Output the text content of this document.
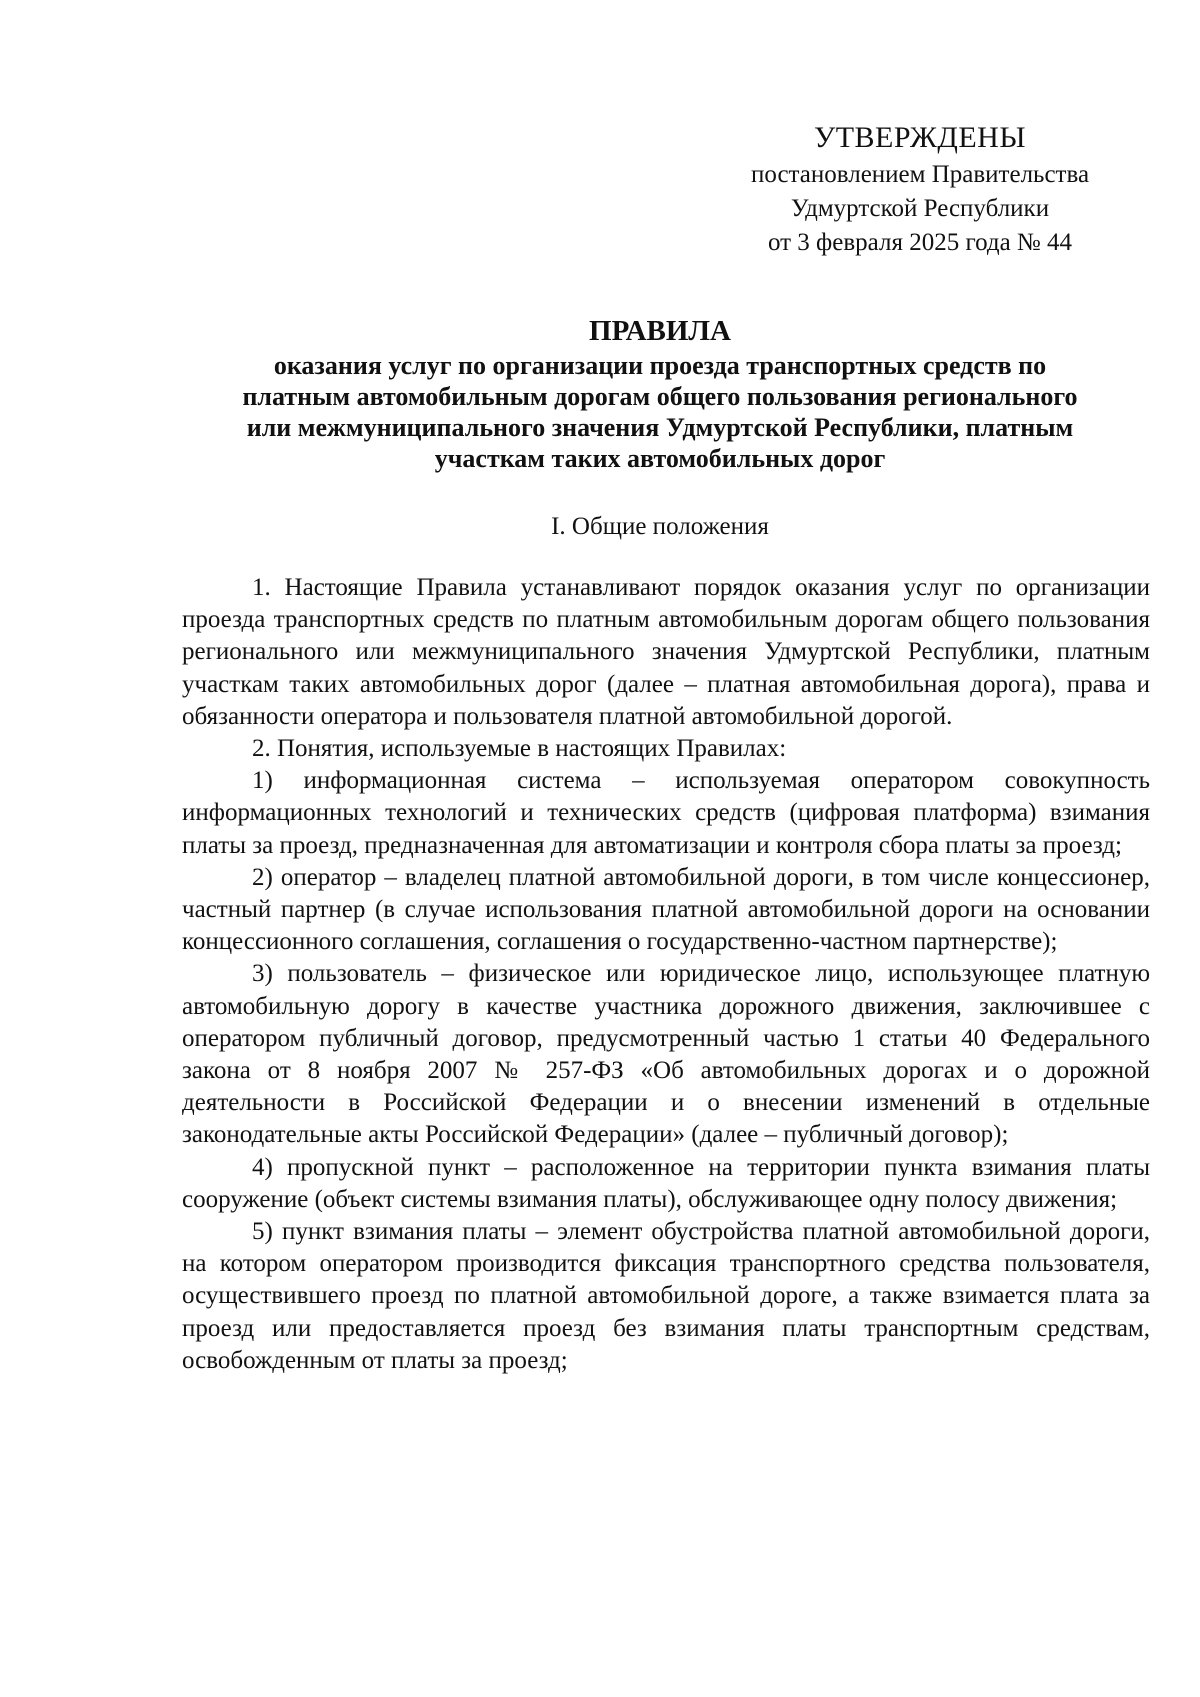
УТВЕРЖДЕНЫ
постановлением Правительства
Удмуртской Республики
от 3 февраля 2025 года № 44
ПРАВИЛА
оказания услуг по организации проезда транспортных средств по платным автомобильным дорогам общего пользования регионального или межмуниципального значения Удмуртской Республики, платным участкам таких автомобильных дорог
I. Общие положения

1. Настоящие Правила устанавливают порядок оказания услуг по организации проезда транспортных средств по платным автомобильным дорогам общего пользования регионального или межмуниципального значения Удмуртской Республики, платным участкам таких автомобильных дорог (далее – платная автомобильная дорога), права и обязанности оператора и пользователя платной автомобильной дорогой.

2. Понятия, используемые в настоящих Правилах:

1) информационная система – используемая оператором совокупность информационных технологий и технических средств (цифровая платформа) взимания платы за проезд, предназначенная для автоматизации и контроля сбора платы за проезд;

2) оператор – владелец платной автомобильной дороги, в том числе концессионер, частный партнер (в случае использования платной автомобильной дороги на основании концессионного соглашения, соглашения о государственно-частном партнерстве);

3) пользователь – физическое или юридическое лицо, использующее платную автомобильную дорогу в качестве участника дорожного движения, заключившее с оператором публичный договор, предусмотренный частью 1 статьи 40 Федерального закона от 8 ноября 2007 № 257-ФЗ «Об автомобильных дорогах и о дорожной деятельности в Российской Федерации и о внесении изменений в отдельные законодательные акты Российской Федерации» (далее – публичный договор);

4) пропускной пункт – расположенное на территории пункта взимания платы сооружение (объект системы взимания платы), обслуживающее одну полосу движения;

5) пункт взимания платы – элемент обустройства платной автомобильной дороги, на котором оператором производится фиксация транспортного средства пользователя, осуществившего проезд по платной автомобильной дороге, а также взимается плата за проезд или предоставляется проезд без взимания платы транспортным средствам, освобожденным от платы за проезд;
